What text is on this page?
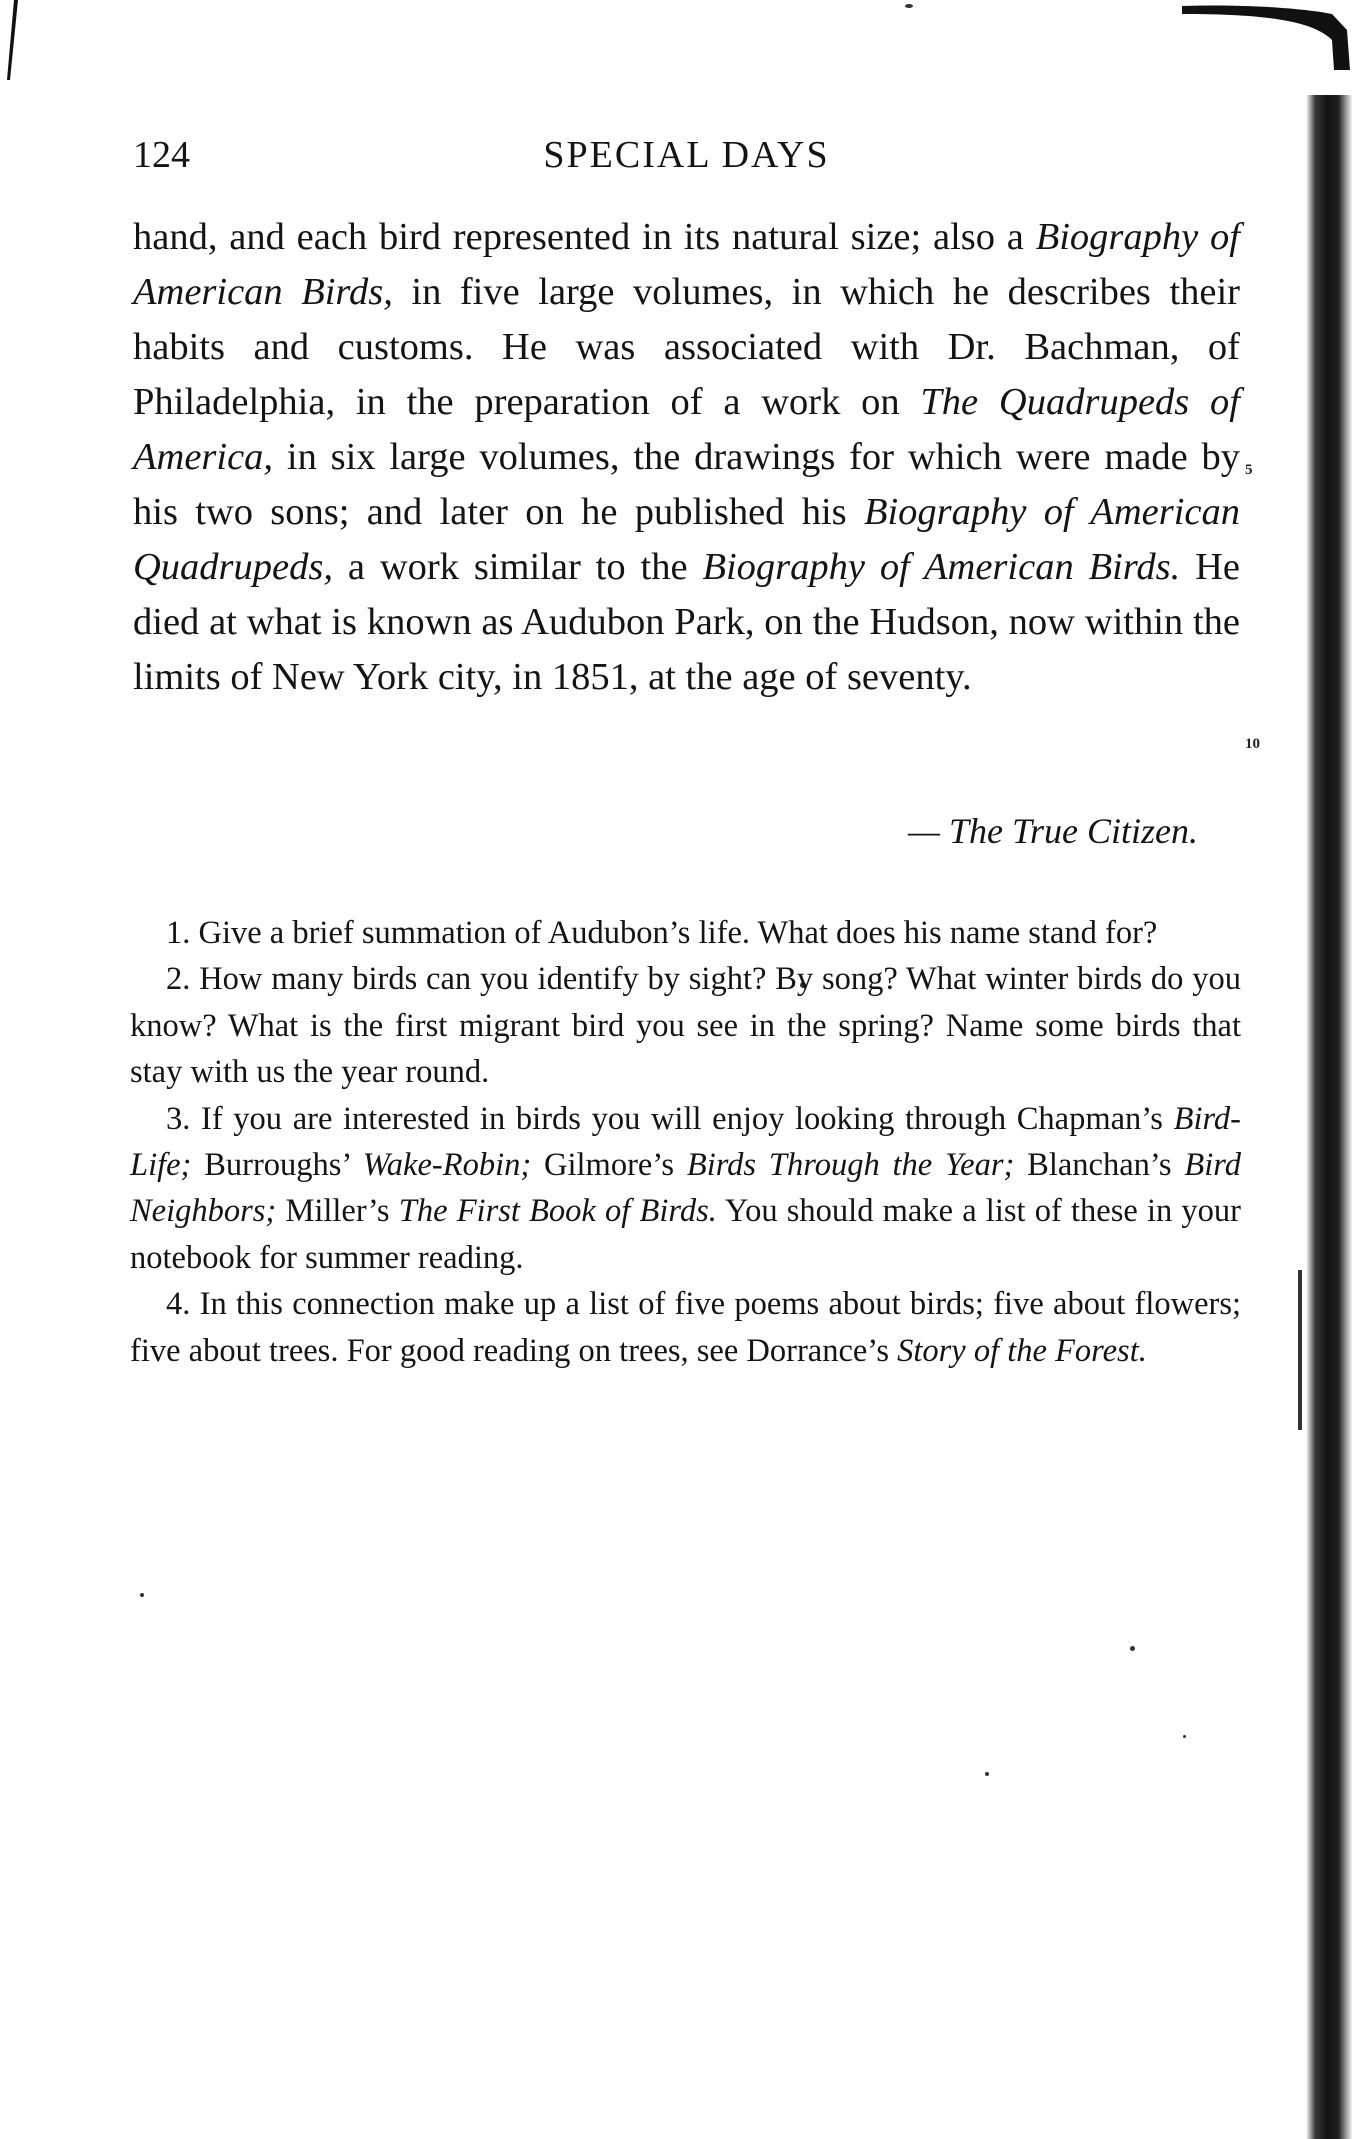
124	SPECIAL DAYS

hand, and each bird represented in its natural size; also a Biography of American Birds, in five large volumes, in which he describes their habits and customs. He was associated with Dr. Bachman, of Philadelphia, in the preparation of a work on The Quadrupeds of America, in six large volumes, the drawings for which were made by his two sons; and later on he published his Biography of American Quadrupeds, a work similar to the Biography of American Birds. He died at what is known as Audubon Park, on the Hudson, now within the limits of New York city, in 1851, at the age of seventy.

5
10
— The True Citizen.

1. Give a brief summation of Audubon’s life. What does his name stand for?

2. How many birds can you identify by sight? By song? What winter birds do you know? What is the first migrant bird you see in the spring? Name some birds that stay with us the year round.

3. If you are interested in birds you will enjoy looking through Chapman’s Bird-Life; Burroughs’ Wake-Robin; Gilmore’s Birds Through the Year; Blanchan’s Bird Neighbors; Miller’s The First Book of Birds. You should make a list of these in your notebook for summer reading.

4. In this connection make up a list of five poems about birds; five about flowers; five about trees. For good reading on trees, see Dorrance’s Story of the Forest.
